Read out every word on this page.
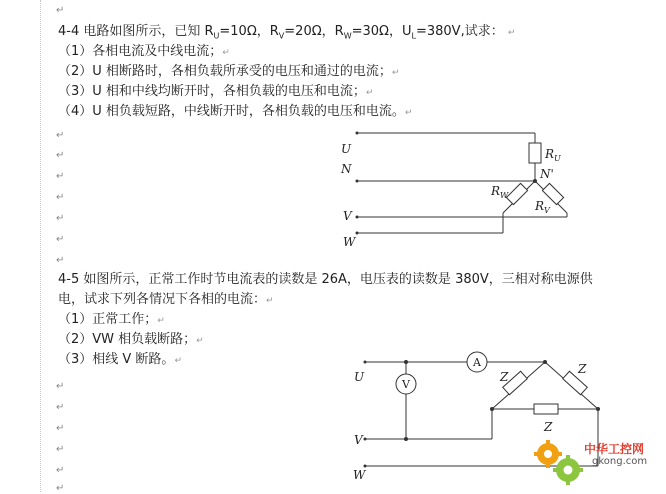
↵
↵
↵
↵
↵
↵
↵
↵
↵
↵
↵
↵
↵
↵
4-4 电路如图所示，已知 $R_U=10\Omega$，$R_V=20\Omega$，$R_W=30\Omega$，$U_L=380V$,试求： ↵
（1）各相电流及中线电流；↵
（2）U 相断路时，各相负载所承受的电压和通过的电流；↵
（3）U 相和中线均断开时，各相负载的电压和电流；↵
（4）U 相负载短路，中线断开时，各相负载的电压和电流。↵
4-5 如图所示，正常工作时节电流表的读数是 26A，电压表的读数是 380V，三相对称电源供
电，试求下列各情况下各相的电流：↵
（1）正常工作；↵
（2）VW 相负载断路；↵
（3）相线 V 断路。↵
U
N
V
W
$R_U$
N'
$R_W$
$R_V$
U
V
W
A
V
Z
Z
Z
中华工控网
gkong.com
